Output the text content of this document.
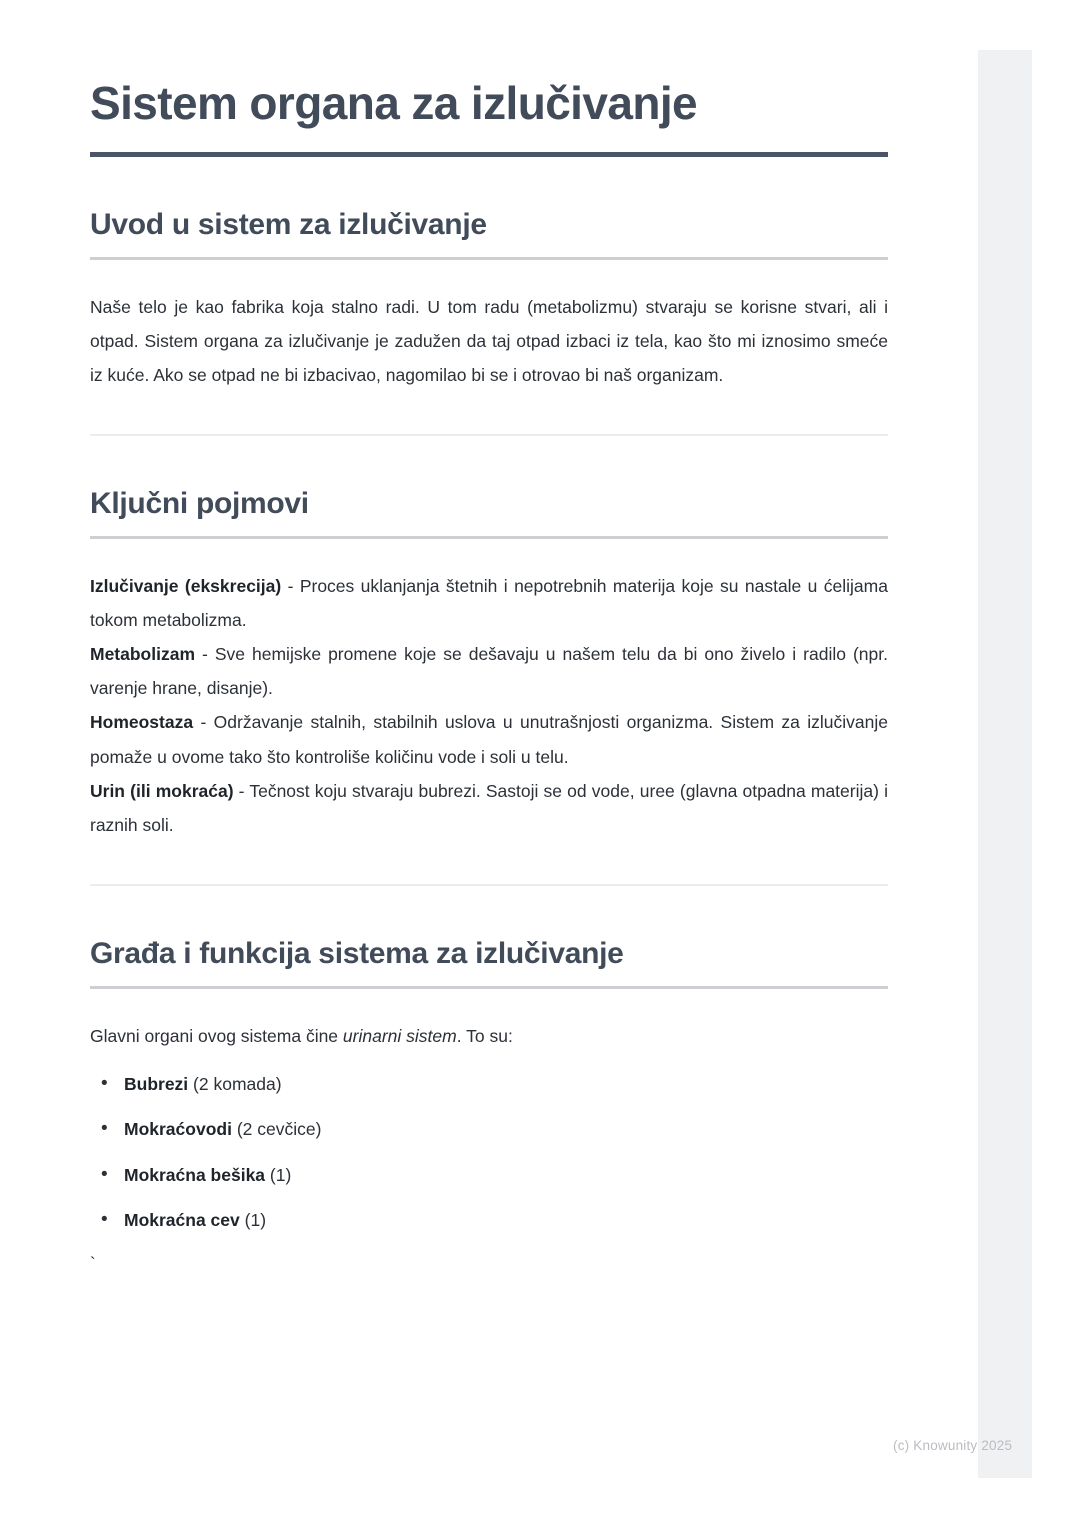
Sistem organa za izlučivanje
Uvod u sistem za izlučivanje

Naše telo je kao fabrika koja stalno radi. U tom radu (metabolizmu) stvaraju se korisne stvari, ali i otpad. Sistem organa za izlučivanje je zadužen da taj otpad izbaci iz tela, kao što mi iznosimo smeće iz kuće. Ako se otpad ne bi izbacivao, nagomilao bi se i otrovao bi naš organizam.

Ključni pojmovi

Izlučivanje (ekskrecija) - Proces uklanjanja štetnih i nepotrebnih materija koje su nastale u ćelijama tokom metabolizma.

Metabolizam - Sve hemijske promene koje se dešavaju u našem telu da bi ono živelo i radilo (npr. varenje hrane, disanje).

Homeostaza - Održavanje stalnih, stabilnih uslova u unutrašnjosti organizma. Sistem za izlučivanje pomaže u ovome tako što kontroliše količinu vode i soli u telu.

Urin (ili mokraća) - Tečnost koju stvaraju bubrezi. Sastoji se od vode, uree (glavna otpadna materija) i raznih soli.

Građa i funkcija sistema za izlučivanje

Glavni organi ovog sistema čine urinarni sistem. To su:

• Bubrezi (2 komada)
• Mokraćovodi (2 cevčice)
• Mokraćna bešika (1)
• Mokraćna cev (1)
`
(c) Knowunity 2025
